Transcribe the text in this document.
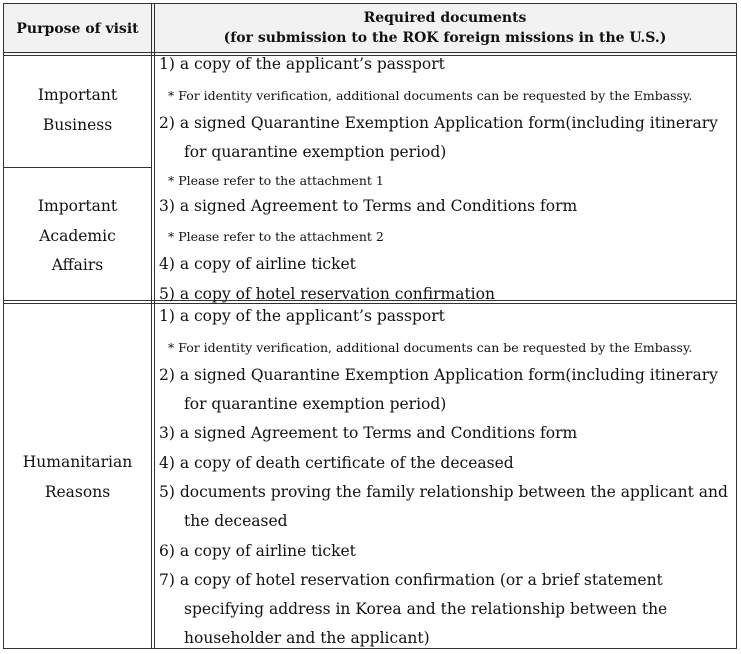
Purpose of visit
Required documents
(for submission to the ROK foreign missions in the U.S.)
Important
Business
Important
Academic
Affairs
Humanitarian
Reasons
1) a copy of the applicant’s passport
* For identity verification, additional documents can be requested by the Embassy.
2) a signed Quarantine Exemption Application form(including itinerary
for quarantine exemption period)
* Please refer to the attachment 1
3) a signed Agreement to Terms and Conditions form
* Please refer to the attachment 2
4) a copy of airline ticket
5) a copy of hotel reservation confirmation
1) a copy of the applicant’s passport
* For identity verification, additional documents can be requested by the Embassy.
2) a signed Quarantine Exemption Application form(including itinerary
for quarantine exemption period)
3) a signed Agreement to Terms and Conditions form
4) a copy of death certificate of the deceased
5) documents proving the family relationship between the applicant and
the deceased
6) a copy of airline ticket
7) a copy of hotel reservation confirmation (or a brief statement
specifying address in Korea and the relationship between the
householder and the applicant)
